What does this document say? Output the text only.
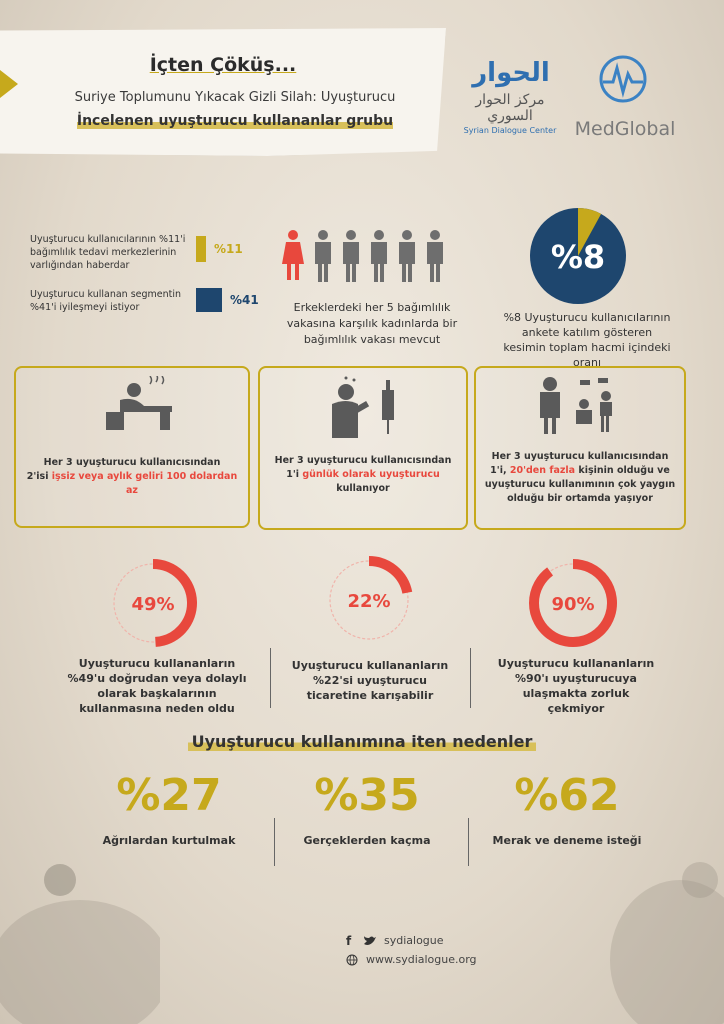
İçten Çöküş...
Suriye Toplumunu Yıkacak Gizli Silah: Uyuşturucu
İncelenen uyuşturucu kullananlar grubu
الحوار
مركز الحوار السوري
Syrian Dialogue Center MedGlobal
Uyuşturucu kullanıcılarının %11'i bağımlılık tedavi merkezlerinin varlığından haberdar
%11
Uyuşturucu kullanan segmentin %41'i iyileşmeyi istiyor
%41
Erkeklerdeki her 5 bağımlılık vakasına karşılık kadınlarda bir bağımlılık vakası mevcut
%8
%8 Uyuşturucu kullanıcılarının ankete katılım gösteren kesimin toplam hacmi içindeki oranı
Her 3 uyuşturucu kullanıcısından
2'isi işsiz veya aylık geliri 100 dolardan az
Her 3 uyuşturucu kullanıcısından
1'i günlük olarak uyuşturucu
kullanıyor
Her 3 uyuşturucu kullanıcısından
1'i, 20'den fazla kişinin olduğu ve uyuşturucu kullanımının çok yaygın olduğu bir ortamda yaşıyor
49%
Uyuşturucu kullananların %49'u doğrudan veya dolaylı olarak başkalarının kullanmasına neden oldu
22%
Uyuşturucu kullananların %22'si uyuşturucu ticaretine karışabilir
90%
Uyuşturucu kullananların %90'ı uyuşturucuya ulaşmakta zorluk çekmiyor
Uyuşturucu kullanımına iten nedenler
%27
Ağrılardan kurtulmak
%35
Gerçeklerden kaçma
%62
Merak ve deneme isteği
f	sydialogue
www.sydialogue.org
